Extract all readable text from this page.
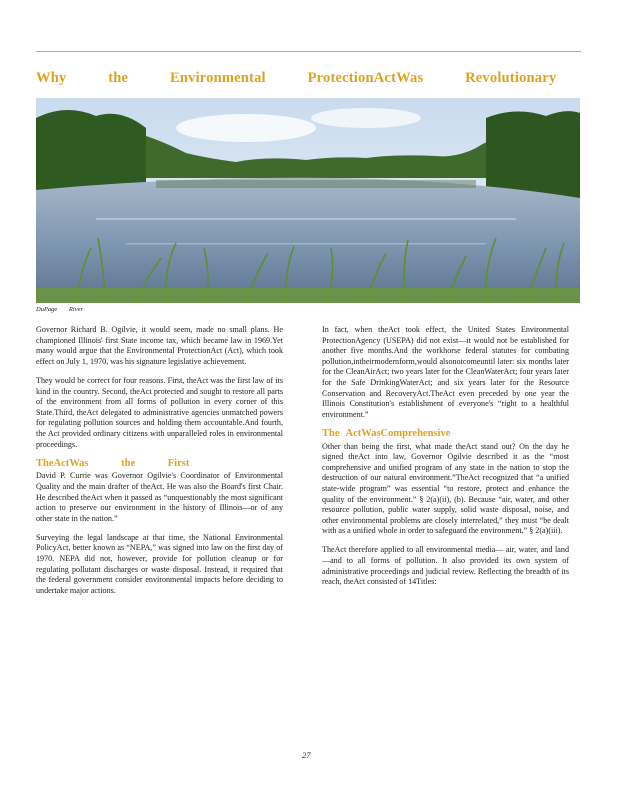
Why the Environmental ProtectionActWas Revolutionary
DuPage River

Governor Richard B. Ogilvie, it would seem, made no small plans. He championed Illinois' first State income tax, which became law in 1969.Yet many would argue that the Environmental ProtectionAct (Act), which took effect on July 1, 1970, was his signature legislative achievement.

They would be correct for four reasons. First, theAct was the first law of its kind in the country. Second, theAct protected and sought to restore all parts of the environment from all forms of pollution in every corner of this State.Third, theAct delegated to administrative agencies unmatched powers for regulating pollution sources and holding them accountable.And fourth, the Act provided ordinary citizens with unparalleled roles in environmental proceedings.

TheActWas the First

David P. Currie was Governor Ogilvie's Coordinator of Environmental Quality and the main drafter of theAct. He was also the Board's first Chair. He described theAct when it passed as “unquestionably the most significant action to preserve our environment in the history of Illinois—or of any other state in the nation.”

Surveying the legal landscape at that time, the National Environmental PolicyAct, better known as “NEPA,” was signed into law on the first day of 1970. NEPA did not, however, provide for pollution cleanup or for regulating pollutant discharges or waste disposal. Instead, it required that the federal government consider environmental impacts before deciding to undertake major actions.

In fact, when theAct took effect, the United States Environmental ProtectionAgency (USEPA) did not exist—it would not be established for another five months.And the workhorse federal statutes for combating pollution,intheirmodernform,would alsonotcomeuntil later: six months later for the CleanAirAct; two years later for the CleanWaterAct; four years later for the Safe DrinkingWaterAct; and six years later for the Resource Conservation and RecoveryAct.TheAct even preceded by one year the Illinois Constitution's establishment of everyone's “right to a healthful environment.”

The ActWasComprehensive

Other than being the first, what made theAct stand out? On the day he signed theAct into law, Governor Ogilvie described it as the “most comprehensive and unified program of any state in the nation to stop the destruction of our natural environment.”TheAct recognized that “a unified state-wide program” was essential “to restore, protect and enhance the quality of the environment.” § 2(a)(ii), (b). Because “air, water, and other resource pollution, public water supply, solid waste disposal, noise, and other environmental problems are closely interrelated,” they must “be dealt with as a unified whole in order to safeguard the environment.” § 2(a)(iii).

TheAct therefore applied to all environmental media— air, water, and land—and to all forms of pollution. It also provided its own system of administrative proceedings and judicial review. Reflecting the breadth of its reach, theAct consisted of 14Titles:

27
